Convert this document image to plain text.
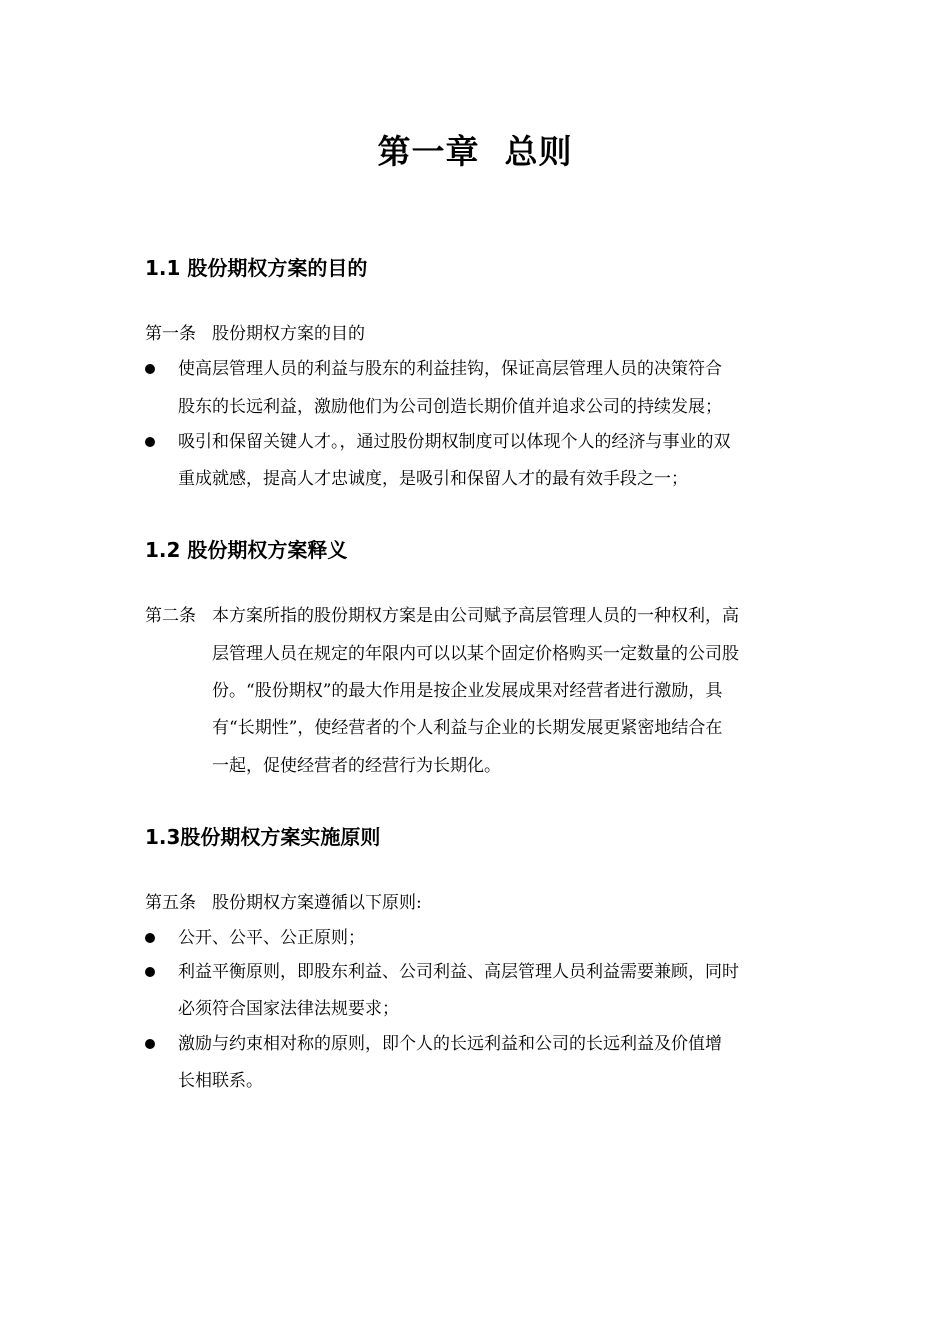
第一章  总则
1.1 股份期权方案的目的
第一条 股份期权方案的目的
使高层管理人员的利益与股东的利益挂钩，保证高层管理人员的决策符合
股东的长远利益，激励他们为公司创造长期价值并追求公司的持续发展；
吸引和保留关键人才。，通过股份期权制度可以体现个人的经济与事业的双
重成就感，提高人才忠诚度，是吸引和保留人才的最有效手段之一；
1.2 股份期权方案释义
第二条 本方案所指的股份期权方案是由公司赋予高层管理人员的一种权利，高
层管理人员在规定的年限内可以以某个固定价格购买一定数量的公司股
份。“股份期权”的最大作用是按企业发展成果对经营者进行激励，具
有“长期性”，使经营者的个人利益与企业的长期发展更紧密地结合在
一起，促使经营者的经营行为长期化。
1.3股份期权方案实施原则
第五条 股份期权方案遵循以下原则:
公开、公平、公正原则；
利益平衡原则，即股东利益、公司利益、高层管理人员利益需要兼顾，同时
必须符合国家法律法规要求；
激励与约束相对称的原则，即个人的长远利益和公司的长远利益及价值增
长相联系。
